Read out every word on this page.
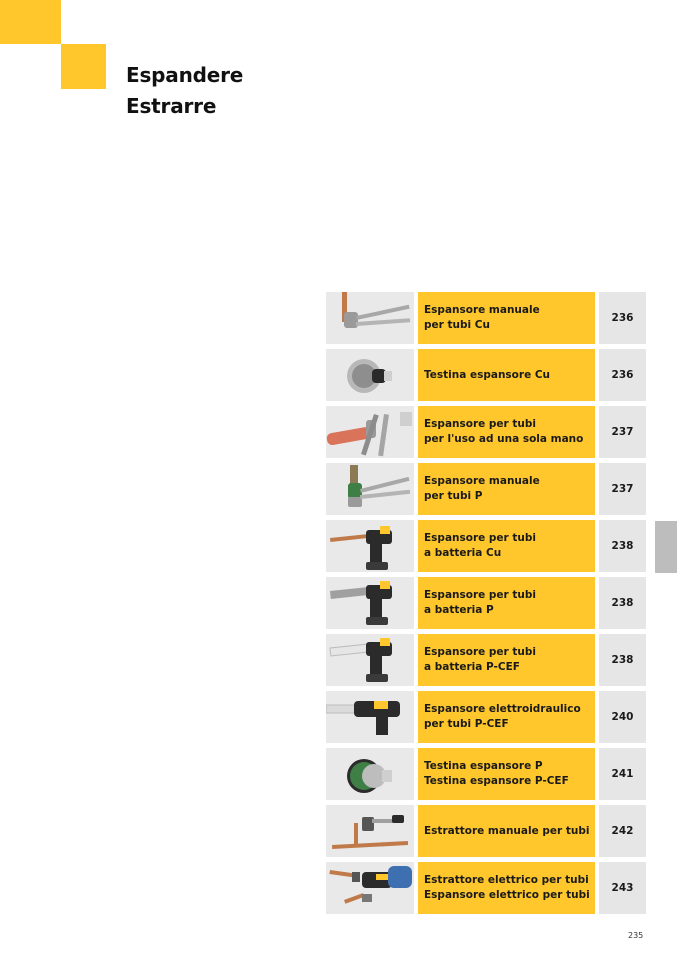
Espandere
Estrarre
Espansore manuale
per tubi Cu
236
Testina espansore Cu	236
Espansore per tubi
per l'uso ad una sola mano
237
Espansore manuale
per tubi P
237
Espansore per tubi
a batteria Cu
238
Espansore per tubi
a batteria P
238
Espansore per tubi
a batteria P-CEF
238
Espansore elettroidraulico
per tubi P-CEF
240
Testina espansore P
Testina espansore P-CEF
241
Estrattore manuale per tubi	242
Estrattore elettrico per tubi
Espansore elettrico per tubi
243
235
